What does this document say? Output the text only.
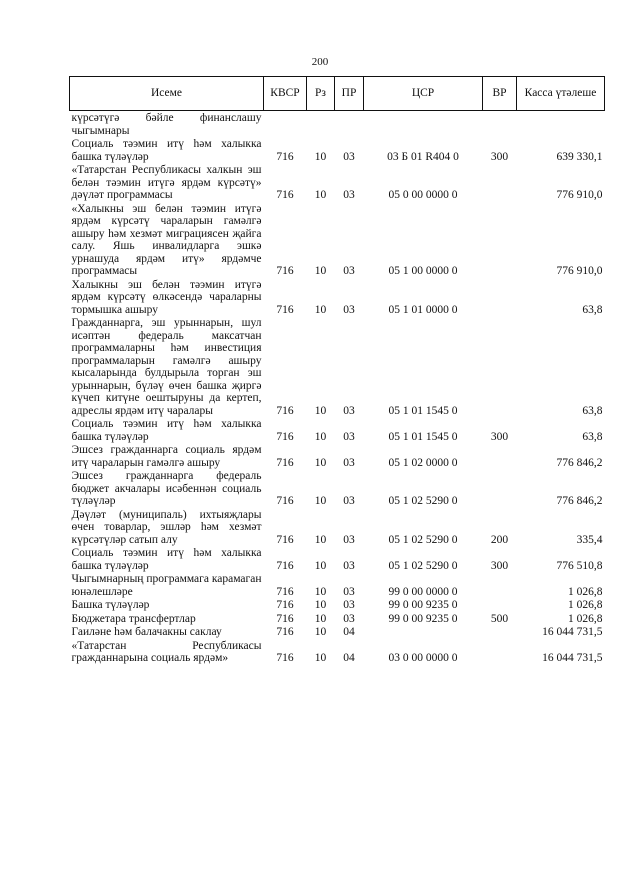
200
Исеме	КВСР	Рз	ПР	ЦСР	ВР	Касса үтәлеше
күрсәтүгә бәйле финанслашу чыгымнары						
Социаль тәэмин итү һәм халыкка башка түләүләр	716	10	03	03 Б 01 R404 0	300	639 330,1
«Татарстан Республикасы халкын эш белән тәэмин итүгә ярдәм күрсәтү» дәүләт программасы	716	10	03	05 0 00 0000 0		776 910,0
«Халыкны эш белән тәэмин итүгә ярдәм күрсәтү чараларын гамәлгә ашыру һәм хезмәт миграциясен җайга салу. Яшь инвалидларга эшкә урнашуда ярдәм итү» ярдәмче программасы	716	10	03	05 1 00 0000 0		776 910,0
Халыкны эш белән тәэмин итүгә ярдәм күрсәтү өлкәсендә чараларны тормышка ашыру	716	10	03	05 1 01 0000 0		63,8
Гражданнарга, эш урыннарын, шул исәптән федераль максатчан программаларны һәм инвестиция программаларын гамәлгә ашыру кысаларында булдырыла торган эш урыннарын, бүләү өчен башка җиргә күчеп китүне оештыруны да кертеп, адреслы ярдәм итү чаралары	716	10	03	05 1 01 1545 0		63,8
Социаль тәэмин итү һәм халыкка башка түләүләр	716	10	03	05 1 01 1545 0	300	63,8
Эшсез гражданнарга социаль ярдәм итү чараларын гамәлгә ашыру	716	10	03	05 1 02 0000 0		776 846,2
Эшсез гражданнарга федераль бюджет акчалары исәбеннән социаль түләүләр	716	10	03	05 1 02 5290 0		776 846,2
Дәүләт (муниципаль) ихтыяҗлары өчен товарлар, эшләр һәм хезмәт күрсәтүләр сатып алу	716	10	03	05 1 02 5290 0	200	335,4
Социаль тәэмин итү һәм халыкка башка түләүләр	716	10	03	05 1 02 5290 0	300	776 510,8
Чыгымнарның программага карамаган юнәлешләре	716	10	03	99 0 00 0000 0		1 026,8
Башка түләүләр	716	10	03	99 0 00 9235 0		1 026,8
Бюджетара трансфертлар	716	10	03	99 0 00 9235 0	500	1 026,8
Гаиләне һәм балачакны саклау	716	10	04			16 044 731,5
«Татарстан Республикасы гражданнарына социаль ярдәм»	716	10	04	03 0 00 0000 0		16 044 731,5
